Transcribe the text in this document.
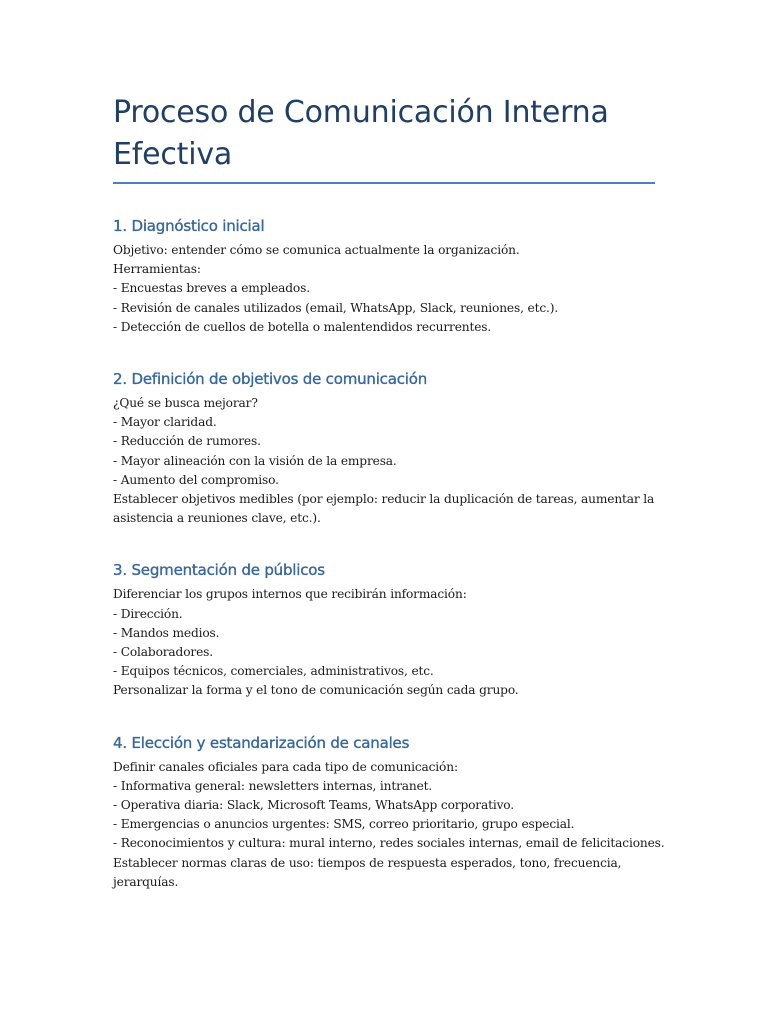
Proceso de Comunicación Interna
Efectiva
1. Diagnóstico inicial
Objetivo: entender cómo se comunica actualmente la organización.
Herramientas:
- Encuestas breves a empleados.
- Revisión de canales utilizados (email, WhatsApp, Slack, reuniones, etc.).
- Detección de cuellos de botella o malentendidos recurrentes.
2. Definición de objetivos de comunicación
¿Qué se busca mejorar?
- Mayor claridad.
- Reducción de rumores.
- Mayor alineación con la visión de la empresa.
- Aumento del compromiso.
Establecer objetivos medibles (por ejemplo: reducir la duplicación de tareas, aumentar la
asistencia a reuniones clave, etc.).
3. Segmentación de públicos
Diferenciar los grupos internos que recibirán información:
- Dirección.
- Mandos medios.
- Colaboradores.
- Equipos técnicos, comerciales, administrativos, etc.
Personalizar la forma y el tono de comunicación según cada grupo.
4. Elección y estandarización de canales
Definir canales oficiales para cada tipo de comunicación:
- Informativa general: newsletters internas, intranet.
- Operativa diaria: Slack, Microsoft Teams, WhatsApp corporativo.
- Emergencias o anuncios urgentes: SMS, correo prioritario, grupo especial.
- Reconocimientos y cultura: mural interno, redes sociales internas, email de felicitaciones.
Establecer normas claras de uso: tiempos de respuesta esperados, tono, frecuencia,
jerarquías.
